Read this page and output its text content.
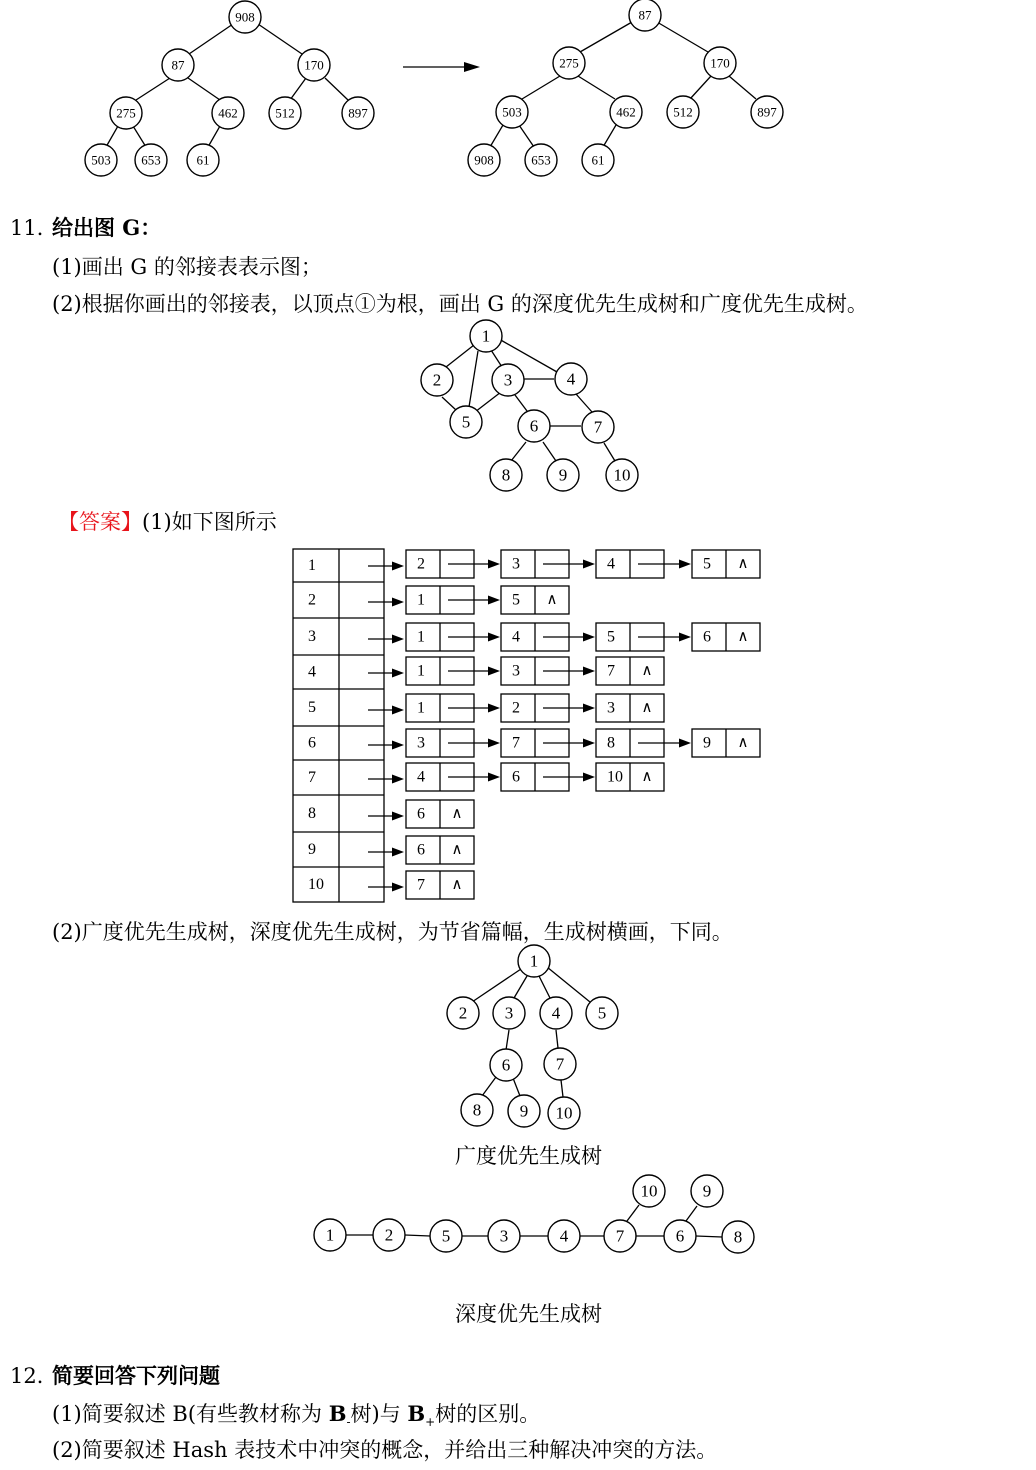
908
87	170
275	462	512	897
503 653	61
87
275	170
503	462	512	897
908	653	61
11．
给出图 G：
(1)画出 G 的邻接表表示图；
(2)根据你画出的邻接表，以顶点①为根，画出 G 的深度优先生成树和广度优先生成树。
1
2	3	4
5	6	7
8	9	10
【答案】(1)如下图所示
1	2	3	4	5 ∧
2	1	5 ∧
3	1	4	5	6 ∧
4	1	3	7 ∧
5	1	2	3 ∧
6	3	7	8	9 ∧
7	4	6	10 ∧
8	6 ∧
9	6 ∧
10	7 ∧
(2)广度优先生成树，深度优先生成树，为节省篇幅，生成树横画，下同。
1
2 3 4 5
6	7
8 9 10
广度优先生成树
1	2	5	3	4	7	6	8
10	9
深度优先生成树
12．
简要回答下列问题
(1)简要叙述 B(有些教材称为 $B_-$树)与 $B_+$树的区别。
(2)简要叙述 Hash 表技术中冲突的概念，并给出三种解决冲突的方法。
